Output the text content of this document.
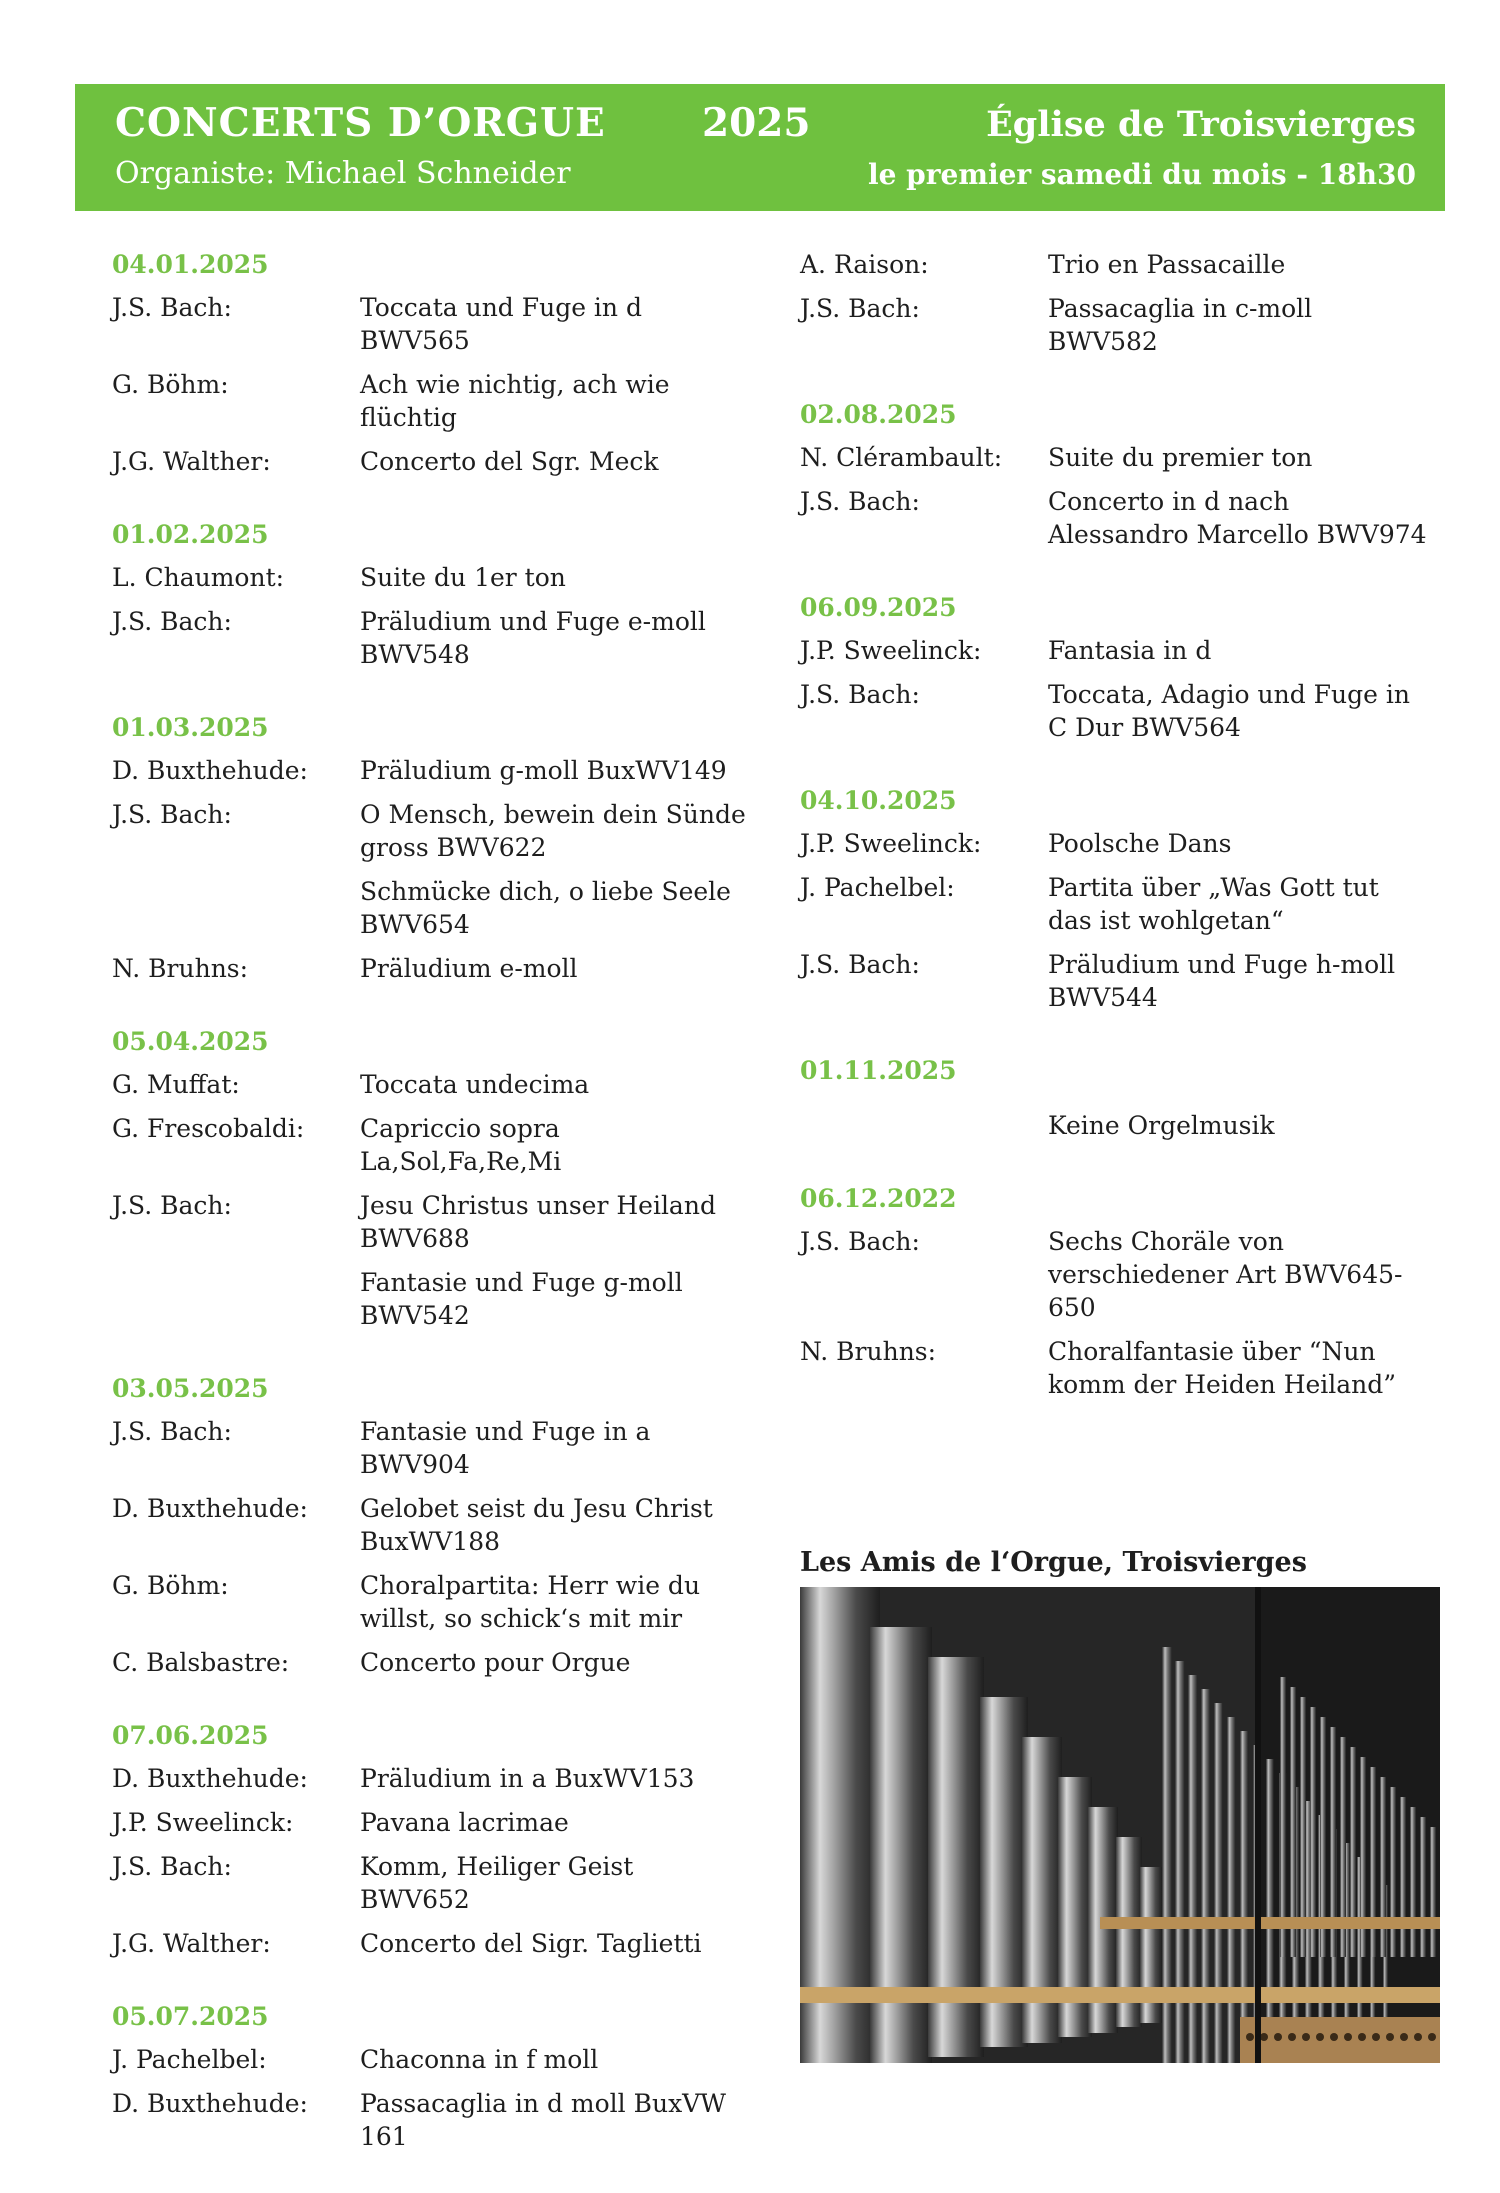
CONCERTS D’ORGUE 2025
Organiste: Michael Schneider
Église de Troisvierges
le premier samedi du mois - 18h30
04.01.2025
J.S. Bach:	Toccata und Fuge in d BWV565
G. Böhm:	Ach wie nichtig, ach wie flüchtig
J.G. Walther:	Concerto del Sgr. Meck
01.02.2025
L. Chaumont:	Suite du 1er ton
J.S. Bach:	Präludium und Fuge e-moll BWV548
01.03.2025
D. Buxthehude:	Präludium g-moll BuxWV149
J.S. Bach:	O Mensch, bewein dein Sünde gross BWV622
Schmücke dich, o liebe Seele BWV654
N. Bruhns:	Präludium e-moll
05.04.2025
G. Muffat:	Toccata undecima
G. Frescobaldi:	Capriccio sopra La,Sol,Fa,Re,Mi
J.S. Bach:	Jesu Christus unser Heiland BWV688
Fantasie und Fuge g-moll BWV542
03.05.2025
J.S. Bach:	Fantasie und Fuge in a BWV904
D. Buxthehude:	Gelobet seist du Jesu Christ BuxWV188
G. Böhm:	Choralpartita: Herr wie du willst, so schick‘s mit mir
C. Balsbastre:	Concerto pour Orgue
07.06.2025
D. Buxthehude:	Präludium in a BuxWV153
J.P. Sweelinck:	Pavana lacrimae
J.S. Bach:	Komm, Heiliger Geist BWV652
J.G. Walther:	Concerto del Sigr. Taglietti
05.07.2025
J. Pachelbel:	Chaconna in f moll
D. Buxthehude:	Passacaglia in d moll BuxVW 161
A. Raison:	Trio en Passacaille
J.S. Bach:	Passacaglia in c-moll BWV582
02.08.2025
N. Clérambault:	Suite du premier ton
J.S. Bach:	Concerto in d nach Alessandro Marcello BWV974
06.09.2025
J.P. Sweelinck:	Fantasia in d
J.S. Bach:	Toccata, Adagio und Fuge in C Dur BWV564
04.10.2025
J.P. Sweelinck:	Poolsche Dans
J. Pachelbel:	Partita über „Was Gott tut das ist wohlgetan“
J.S. Bach:	Präludium und Fuge h-moll BWV544
01.11.2025
Keine Orgelmusik
06.12.2022
J.S. Bach:	Sechs Choräle von verschiedener Art BWV645-650
N. Bruhns:	Choralfantasie über “Nun komm der Heiden Heiland”
Les Amis de l‘Orgue, Troisvierges
